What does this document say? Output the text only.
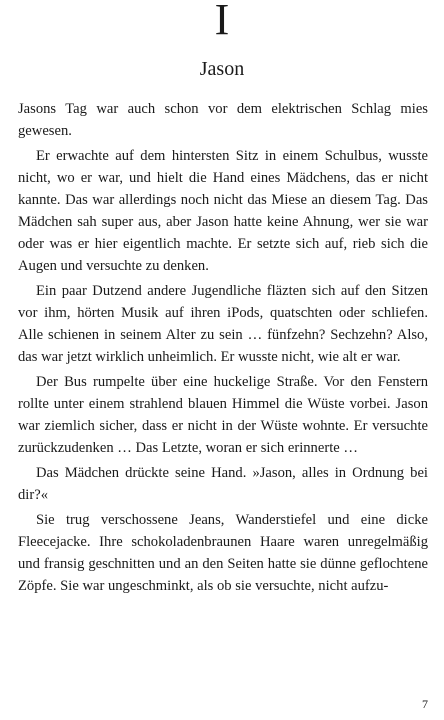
I
Jason

Jasons Tag war auch schon vor dem elektrischen Schlag mies gewesen.

Er erwachte auf dem hintersten Sitz in einem Schulbus, wusste nicht, wo er war, und hielt die Hand eines Mädchens, das er nicht kannte. Das war allerdings noch nicht das Miese an diesem Tag. Das Mädchen sah super aus, aber Jason hatte keine Ahnung, wer sie war oder was er hier eigentlich machte. Er setzte sich auf, rieb sich die Augen und versuchte zu denken.

Ein paar Dutzend andere Jugendliche fläzten sich auf den Sitzen vor ihm, hörten Musik auf ihren iPods, quatschten oder schliefen. Alle schienen in seinem Alter zu sein … fünfzehn? Sechzehn? Also, das war jetzt wirklich unheimlich. Er wusste nicht, wie alt er war.

Der Bus rumpelte über eine huckelige Straße. Vor den Fenstern rollte unter einem strahlend blauen Himmel die Wüste vorbei. Jason war ziemlich sicher, dass er nicht in der Wüste wohnte. Er versuchte zurückzudenken … Das Letzte, woran er sich erinnerte …

Das Mädchen drückte seine Hand. »Jason, alles in Ordnung bei dir?«

Sie trug verschossene Jeans, Wanderstiefel und eine dicke Fleecejacke. Ihre schokoladenbraunen Haare waren unregelmäßig und fransig geschnitten und an den Seiten hatte sie dünne geflochtene Zöpfe. Sie war ungeschminkt, als ob sie versuchte, nicht aufzu-

7
